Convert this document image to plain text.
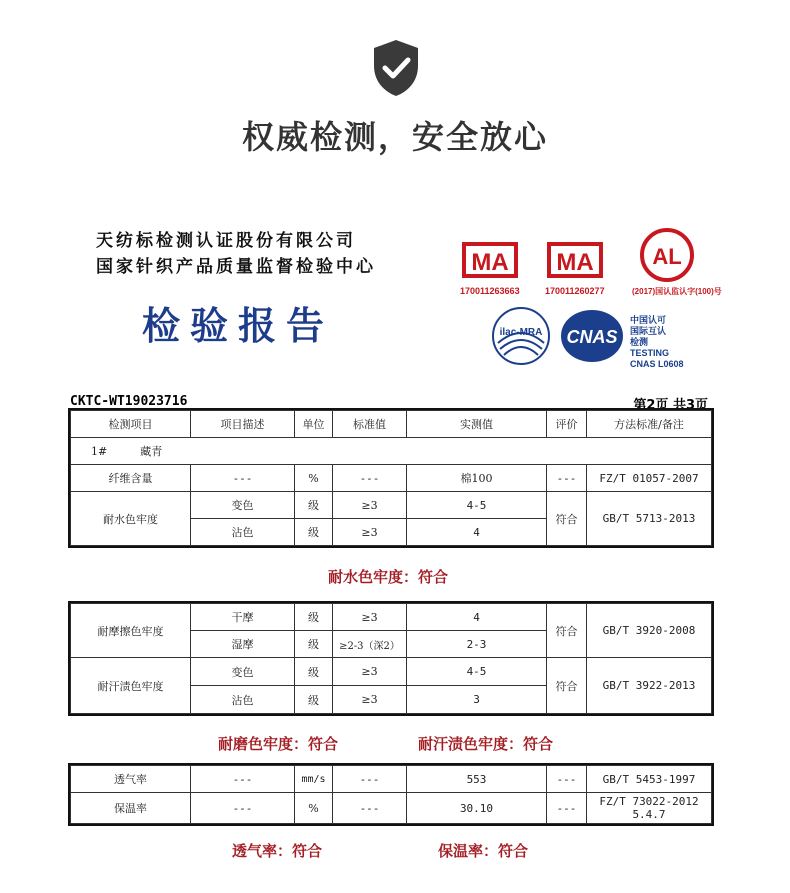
权威检测，安全放心
天纺标检测认证股份有限公司
国家针织产品质量监督检验中心
检验报告
MA
170011263663
MA
170011260277
AL
(2017)国认监认字(100)号
ilac-MRA CNAS
中国认可
国际互认
检测
TESTING
CNAS L0608
CKTC-WT19023716	第2页 共3页
检测项目	项目描述	单位	标准值	实测值	评价	方法标准/备注
1# 藏青						
纤维含量	---	%	---	棉100	---	FZ/T 01057-2007
耐水色牢度	变色	级	≥3	4-5	符合	GB/T 5713-2013
	沾色	级	≥3	4		
耐水色牢度：符合
耐摩擦色牢度	干摩	级	≥3	4	符合	GB/T 3920-2008
	湿摩	级	≥2-3（深2）	2-3		
耐汗渍色牢度	变色	级	≥3	4-5	符合	GB/T 3922-2013
	沾色	级	≥3	3		
耐磨色牢度：符合	耐汗渍色牢度：符合
透气率	---	mm/s	---	553	---	GB/T 5453-1997
保温率	---	%	---	30.10	---	FZ/T 73022-2012
5.4.7
透气率：符合	保温率：符合
